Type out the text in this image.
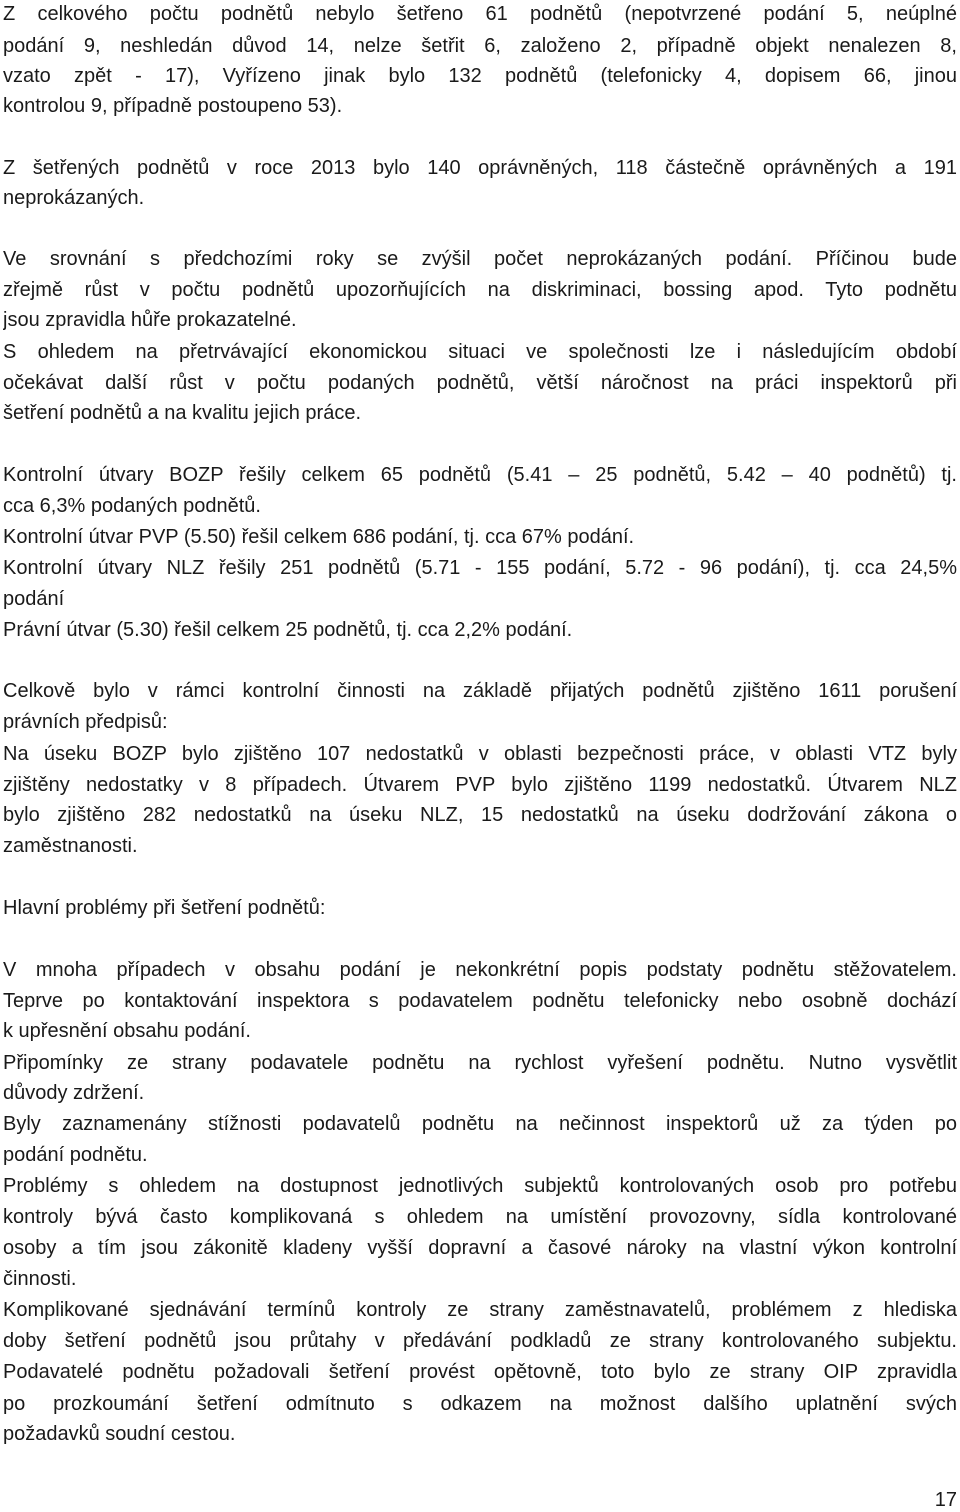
Z celkového počtu podnětů nebylo šetřeno 61 podnětů (nepotvrzené podání 5, neúplné
podání 9, neshledán důvod 14, nelze šetřit 6, založeno 2, případně objekt nenalezen 8,
vzato zpět - 17), Vyřízeno jinak bylo 132 podnětů (telefonicky 4, dopisem 66, jinou
kontrolou 9, případně postoupeno 53).
Z šetřených podnětů v roce 2013 bylo 140 oprávněných, 118 částečně oprávněných a 191
neprokázaných.
Ve srovnání s předchozími roky se zvýšil počet neprokázaných podání. Příčinou bude
zřejmě růst v počtu podnětů upozorňujících na diskriminaci, bossing apod. Tyto podnětu
jsou zpravidla hůře prokazatelné.
S ohledem na přetrvávající ekonomickou situaci ve společnosti lze i následujícím období
očekávat další růst v počtu podaných podnětů, větší náročnost na práci inspektorů při
šetření podnětů a na kvalitu jejich práce.
Kontrolní útvary BOZP řešily celkem 65 podnětů (5.41 – 25 podnětů, 5.42 – 40 podnětů) tj.
cca 6,3% podaných podnětů.
Kontrolní útvar PVP (5.50) řešil celkem 686 podání, tj. cca 67% podání.
Kontrolní útvary NLZ řešily 251 podnětů (5.71 - 155 podání, 5.72 - 96 podání), tj. cca 24,5%
podání
Právní útvar (5.30) řešil celkem 25 podnětů, tj. cca 2,2% podání.
Celkově bylo v rámci kontrolní činnosti na základě přijatých podnětů zjištěno 1611 porušení
právních předpisů:
Na úseku BOZP bylo zjištěno 107 nedostatků v oblasti bezpečnosti práce, v oblasti VTZ byly
zjištěny nedostatky v 8 případech. Útvarem PVP bylo zjištěno 1199 nedostatků. Útvarem NLZ
bylo zjištěno 282 nedostatků na úseku NLZ, 15 nedostatků na úseku dodržování zákona o
zaměstnanosti.
Hlavní problémy při šetření podnětů:
V mnoha případech v obsahu podání je nekonkrétní popis podstaty podnětu stěžovatelem.
Teprve po kontaktování inspektora s podavatelem podnětu telefonicky nebo osobně dochází
k upřesnění obsahu podání.
Připomínky ze strany podavatele podnětu na rychlost vyřešení podnětu. Nutno vysvětlit
důvody zdržení.
Byly zaznamenány stížnosti podavatelů podnětu na nečinnost inspektorů už za týden po
podání podnětu.
Problémy s ohledem na dostupnost jednotlivých subjektů kontrolovaných osob pro potřebu
kontroly bývá často komplikovaná s ohledem na umístění provozovny, sídla kontrolované
osoby a tím jsou zákonitě kladeny vyšší dopravní a časové nároky na vlastní výkon kontrolní
činnosti.
Komplikované sjednávání termínů kontroly ze strany zaměstnavatelů, problémem z hlediska
doby šetření podnětů jsou průtahy v předávání podkladů ze strany kontrolovaného subjektu.
Podavatelé podnětu požadovali šetření provést opětovně, toto bylo ze strany OIP zpravidla
po prozkoumání šetření odmítnuto s odkazem na možnost dalšího uplatnění svých
požadavků soudní cestou.
17
